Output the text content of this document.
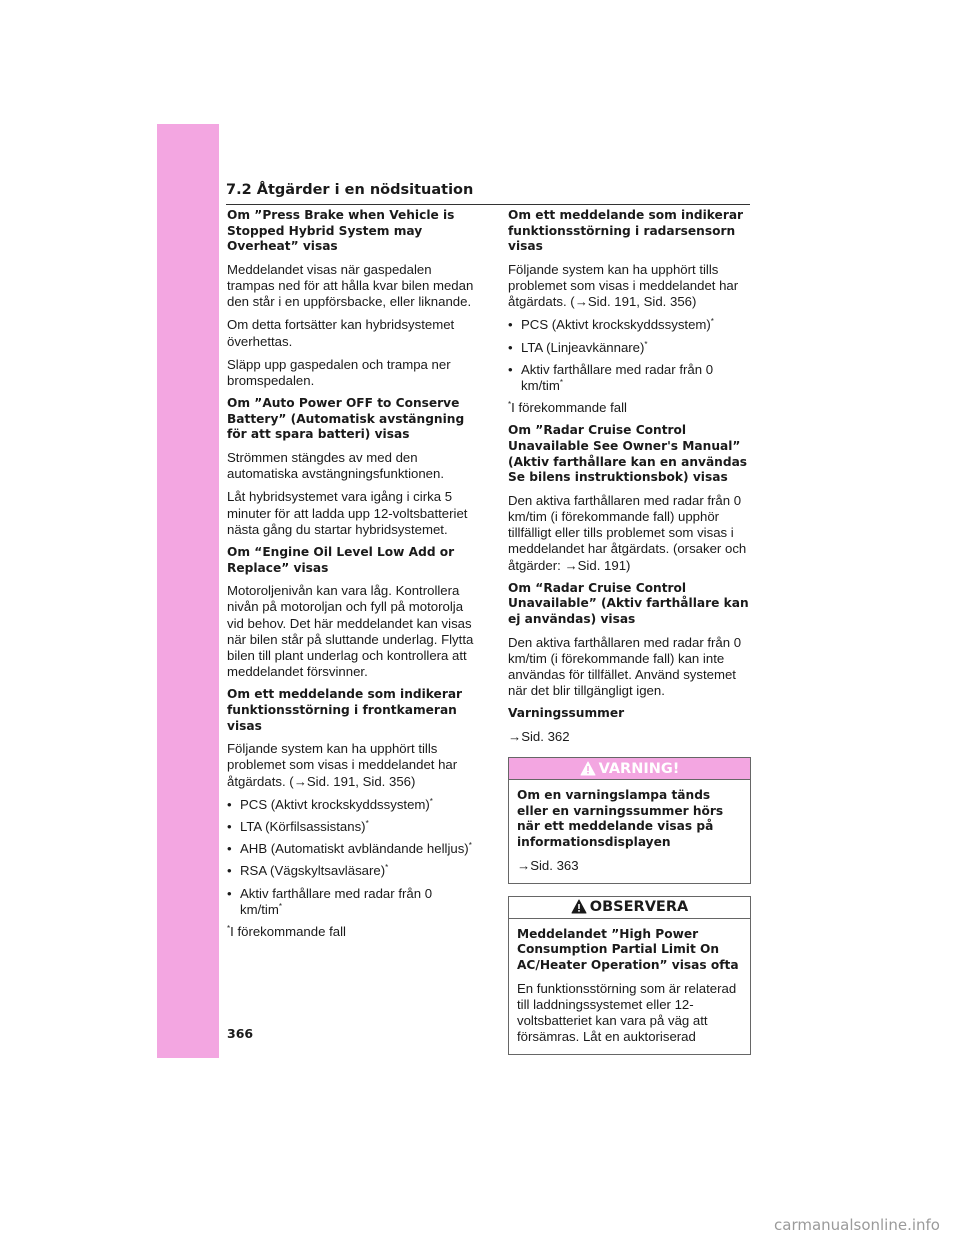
7.2 Åtgärder i en nödsituation
Om ”Press Brake when Vehicle is Stopped Hybrid System may Overheat” visas
Meddelandet visas när gaspedalen trampas ned för att hålla kvar bilen medan den står i en uppförsbacke, eller liknande.
Om detta fortsätter kan hybridsystemet överhettas.
Släpp upp gaspedalen och trampa ner bromspedalen.
Om ”Auto Power OFF to Conserve Battery” (Automatisk avstängning för att spara batteri) visas
Strömmen stängdes av med den automatiska avstängningsfunktionen.
Låt hybridsystemet vara igång i cirka 5 minuter för att ladda upp 12-voltsbatteriet nästa gång du startar hybridsystemet.
Om “Engine Oil Level Low Add or Replace” visas
Motoroljenivån kan vara låg. Kontrollera nivån på motoroljan och fyll på motorolja vid behov. Det här meddelandet kan visas när bilen står på sluttande underlag. Flytta bilen till plant underlag och kontrollera att meddelandet försvinner.
Om ett meddelande som indikerar funktionsstörning i frontkameran visas
Följande system kan ha upphört tills problemet som visas i meddelandet har åtgärdats. (→Sid. 191, Sid. 356)
• PCS (Aktivt krockskyddssystem)*
• LTA (Körfilsassistans)*
• AHB (Automatiskt avbländande helljus)*
• RSA (Vägskyltsavläsare)*
• Aktiv farthållare med radar från 0 km/tim*
*I förekommande fall
Om ett meddelande som indikerar funktionsstörning i radarsensorn visas
Följande system kan ha upphört tills problemet som visas i meddelandet har åtgärdats. (→Sid. 191, Sid. 356)
• PCS (Aktivt krockskyddssystem)*
• LTA (Linjeavkännare)*
• Aktiv farthållare med radar från 0 km/tim*
*I förekommande fall
Om ”Radar Cruise Control Unavailable See Owner's Manual” (Aktiv farthållare kan en användas Se bilens instruktionsbok) visas
Den aktiva farthållaren med radar från 0 km/tim (i förekommande fall) upphör tillfälligt eller tills problemet som visas i meddelandet har åtgärdats. (orsaker och åtgärder: →Sid. 191)
Om “Radar Cruise Control Unavailable” (Aktiv farthållare kan ej användas) visas
Den aktiva farthållaren med radar från 0 km/tim (i förekommande fall) kan inte användas för tillfället. Använd systemet när det blir tillgängligt igen.
Varningssummer
→Sid. 362
VARNING!
Om en varningslampa tänds eller en varningssummer hörs när ett meddelande visas på informationsdisplayen
→Sid. 363
OBSERVERA
Meddelandet ”High Power Consumption Partial Limit On AC/Heater Operation” visas ofta
En funktionsstörning som är relaterad till laddningssystemet eller 12-voltsbatteriet kan vara på väg att försämras. Låt en auktoriserad
366
carmanualsonline.info
